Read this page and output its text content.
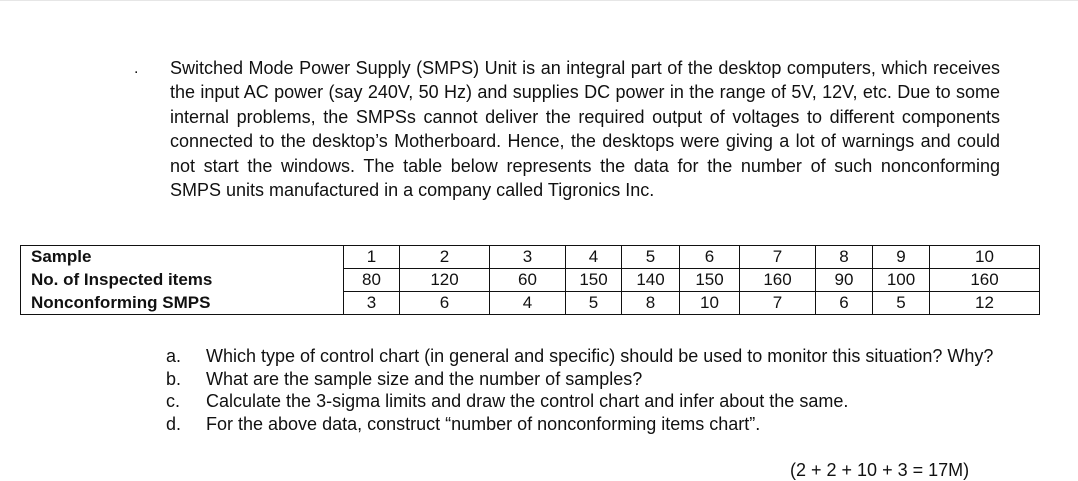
. Switched Mode Power Supply (SMPS) Unit is an integral part of the desktop computers, which receives the input AC power (say 240V, 50 Hz) and supplies DC power in the range of 5V, 12V, etc. Due to some internal problems, the SMPSs cannot deliver the required output of voltages to different components connected to the desktop’s Motherboard. Hence, the desktops were giving a lot of warnings and could not start the windows. The table below represents the data for the number of such nonconforming SMPS units manufactured in a company called Tigronics Inc.

Sample	1	2	3	4	5	6	7	8	9	10
No. of Inspected items	80	120	60	150	140	150	160	90	100	160
Nonconforming SMPS	3	6	4	5	8	10	7	6	5	12
a.	Which type of control chart (in general and specific) should be used to monitor this situation? Why?
b.	What are the sample size and the number of samples?
c.	Calculate the 3-sigma limits and draw the control chart and infer about the same.
d.	For the above data, construct “number of nonconforming items chart”.
(2 + 2 + 10 + 3 = 17M)
